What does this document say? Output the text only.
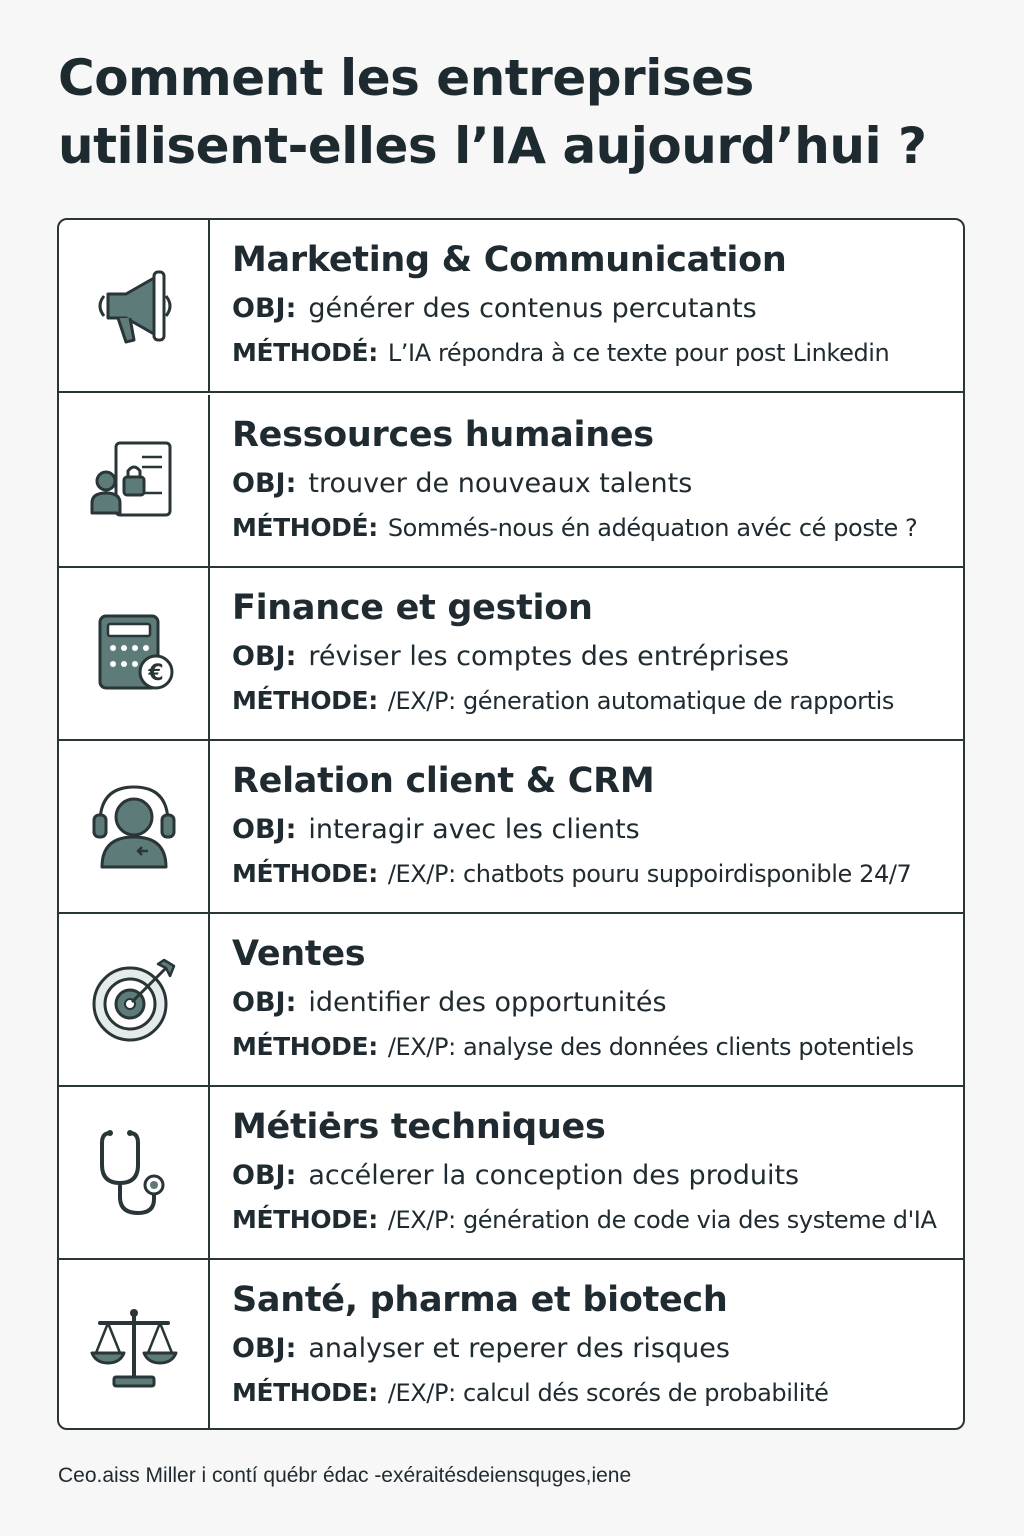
Comment les entreprises
utilisent-elles l’IA aujourd’hui ?
Marketing & Communication
OBJ: générer des contenus percutants
MÉTHODÉ: L’IA répondra à ce texte pour post Linkedin
Ressources humaines
OBJ: trouver de nouveaux talents
MÉTHODÉ: Sommés-nous én adéquatıon avéc cé poste ?
€
Finance et gestion
OBJ: réviser les comptes des entréprises
MÉTHODE: /EX/P: géneration automatique de rapportis
Relation client & CRM
OBJ: interagir avec les clients
MÉTHODE: /EX/P: chatbots pouru suppoirdisponible 24/7
Ventes
OBJ: identifier des opportunités
MÉTHODE: /EX/P: analyse des données clients potentiels
Métiėrs techniques
OBJ: accélerer la conception des produits
MÉTHODE: /EX/P: génération de code via des systeme d'IA
Santé, pharma et biotech
OBJ: analyser et reperer des risques
MÉTHODE: /EX/P: calcul dés scorés de probabilité
Ceo.aiss Miller i contí québr édac -exéraitésdeiensquges,iene
